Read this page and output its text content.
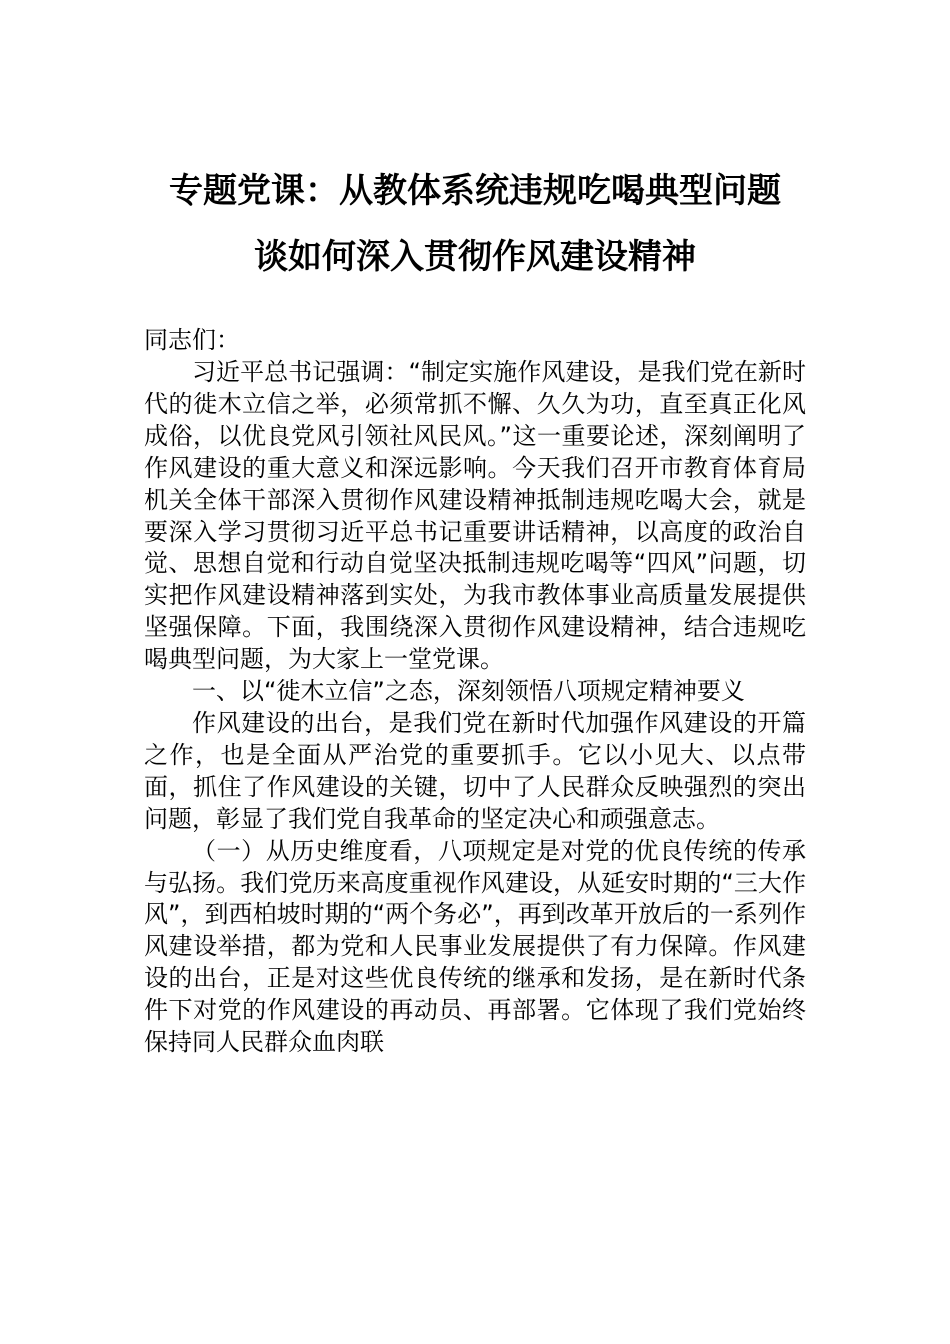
专题党课：从教体系统违规吃喝典型问题
谈如何深入贯彻作风建设精神
同志们：

习近平总书记强调：“制定实施作风建设，是我们党在新时代的徙木立信之举，必须常抓不懈、久久为功，直至真正化风成俗，以优良党风引领社风民风。”这一重要论述，深刻阐明了作风建设的重大意义和深远影响。今天我们召开市教育体育局机关全体干部深入贯彻作风建设精神抵制违规吃喝大会，就是要深入学习贯彻习近平总书记重要讲话精神，以高度的政治自觉、思想自觉和行动自觉坚决抵制违规吃喝等“四风”问题，切实把作风建设精神落到实处，为我市教体事业高质量发展提供坚强保障。下面，我围绕深入贯彻作风建设精神，结合违规吃喝典型问题，为大家上一堂党课。

一、以“徙木立信”之态，深刻领悟八项规定精神要义

作风建设的出台，是我们党在新时代加强作风建设的开篇之作，也是全面从严治党的重要抓手。它以小见大、以点带面，抓住了作风建设的关键，切中了人民群众反映强烈的突出问题，彰显了我们党自我革命的坚定决心和顽强意志。

（一）从历史维度看，八项规定是对党的优良传统的传承与弘扬。我们党历来高度重视作风建设，从延安时期的“三大作风”，到西柏坡时期的“两个务必”，再到改革开放后的一系列作风建设举措，都为党和人民事业发展提供了有力保障。作风建设的出台，正是对这些优良传统的继承和发扬，是在新时代条件下对党的作风建设的再动员、再部署。它体现了我们党始终保持同人民群众血肉联
